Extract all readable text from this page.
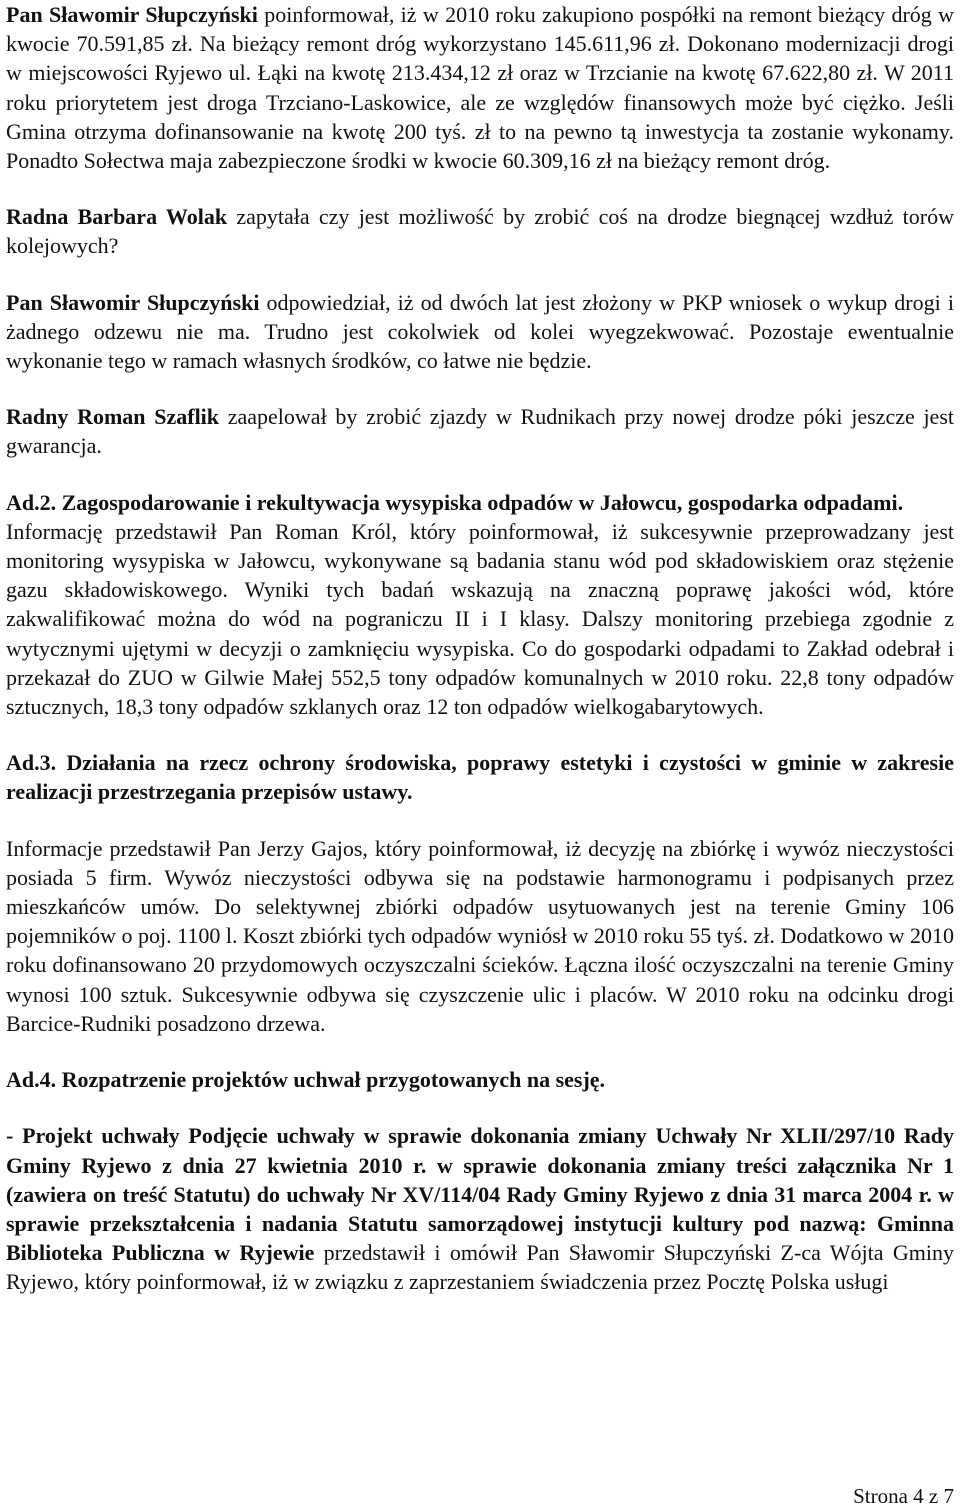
Pan Sławomir Słupczyński poinformował, iż w 2010 roku zakupiono pospółki na remont bieżący dróg w kwocie 70.591,85 zł. Na bieżący remont dróg wykorzystano 145.611,96 zł. Dokonano modernizacji drogi w miejscowości Ryjewo ul. Łąki na kwotę 213.434,12 zł oraz w Trzcianie na kwotę 67.622,80 zł. W 2011 roku priorytetem jest droga Trzciano-Laskowice, ale ze względów finansowych może być ciężko. Jeśli Gmina otrzyma dofinansowanie na kwotę 200 tyś. zł to na pewno tą inwestycja ta zostanie wykonamy. Ponadto Sołectwa maja zabezpieczone środki w kwocie 60.309,16 zł na bieżący remont dróg.

Radna Barbara Wolak zapytała czy jest możliwość by zrobić coś na drodze biegnącej wzdłuż torów kolejowych?

Pan Sławomir Słupczyński odpowiedział, iż od dwóch lat jest złożony w PKP wniosek o wykup drogi i żadnego odzewu nie ma. Trudno jest cokolwiek od kolei wyegzekwować. Pozostaje ewentualnie wykonanie tego w ramach własnych środków, co łatwe nie będzie.

Radny Roman Szaflik zaapelował by zrobić zjazdy w Rudnikach przy nowej drodze póki jeszcze jest gwarancja.

Ad.2. Zagospodarowanie i rekultywacja wysypiska odpadów w Jałowcu, gospodarka odpadami.

Informację przedstawił Pan Roman Król, który poinformował, iż sukcesywnie przeprowadzany jest monitoring wysypiska w Jałowcu, wykonywane są badania stanu wód pod składowiskiem oraz stężenie gazu składowiskowego. Wyniki tych badań wskazują na znaczną poprawę jakości wód, które zakwalifikować można do wód na pograniczu II i I klasy. Dalszy monitoring przebiega zgodnie z wytycznymi ujętymi w decyzji o zamknięciu wysypiska. Co do gospodarki odpadami to Zakład odebrał i przekazał do ZUO w Gilwie Małej 552,5 tony odpadów komunalnych w 2010 roku. 22,8 tony odpadów sztucznych, 18,3 tony odpadów szklanych oraz 12 ton odpadów wielkogabarytowych.

Ad.3. Działania na rzecz ochrony środowiska, poprawy estetyki i czystości w gminie w zakresie realizacji przestrzegania przepisów ustawy.

Informacje przedstawił Pan Jerzy Gajos, który poinformował, iż decyzję na zbiórkę i wywóz nieczystości posiada 5 firm. Wywóz nieczystości odbywa się na podstawie harmonogramu i podpisanych przez mieszkańców umów. Do selektywnej zbiórki odpadów usytuowanych jest na terenie Gminy 106 pojemników o poj. 1100 l. Koszt zbiórki tych odpadów wyniósł w 2010 roku 55 tyś. zł. Dodatkowo w 2010 roku dofinansowano 20 przydomowych oczyszczalni ścieków. Łączna ilość oczyszczalni na terenie Gminy wynosi 100 sztuk. Sukcesywnie odbywa się czyszczenie ulic i placów. W 2010 roku na odcinku drogi Barcice-Rudniki posadzono drzewa.

Ad.4. Rozpatrzenie projektów uchwał przygotowanych na sesję.

- Projekt uchwały Podjęcie uchwały w sprawie dokonania zmiany Uchwały Nr XLII/297/10 Rady Gminy Ryjewo z dnia 27 kwietnia 2010 r. w sprawie dokonania zmiany treści załącznika Nr 1 (zawiera on treść Statutu) do uchwały Nr XV/114/04 Rady Gminy Ryjewo z dnia 31 marca 2004 r. w sprawie przekształcenia i nadania Statutu samorządowej instytucji kultury pod nazwą: Gminna Biblioteka Publiczna w Ryjewie przedstawił i omówił Pan Sławomir Słupczyński Z-ca Wójta Gminy Ryjewo, który poinformował, iż w związku z zaprzestaniem świadczenia przez Pocztę Polska usługi

Strona 4 z 7
